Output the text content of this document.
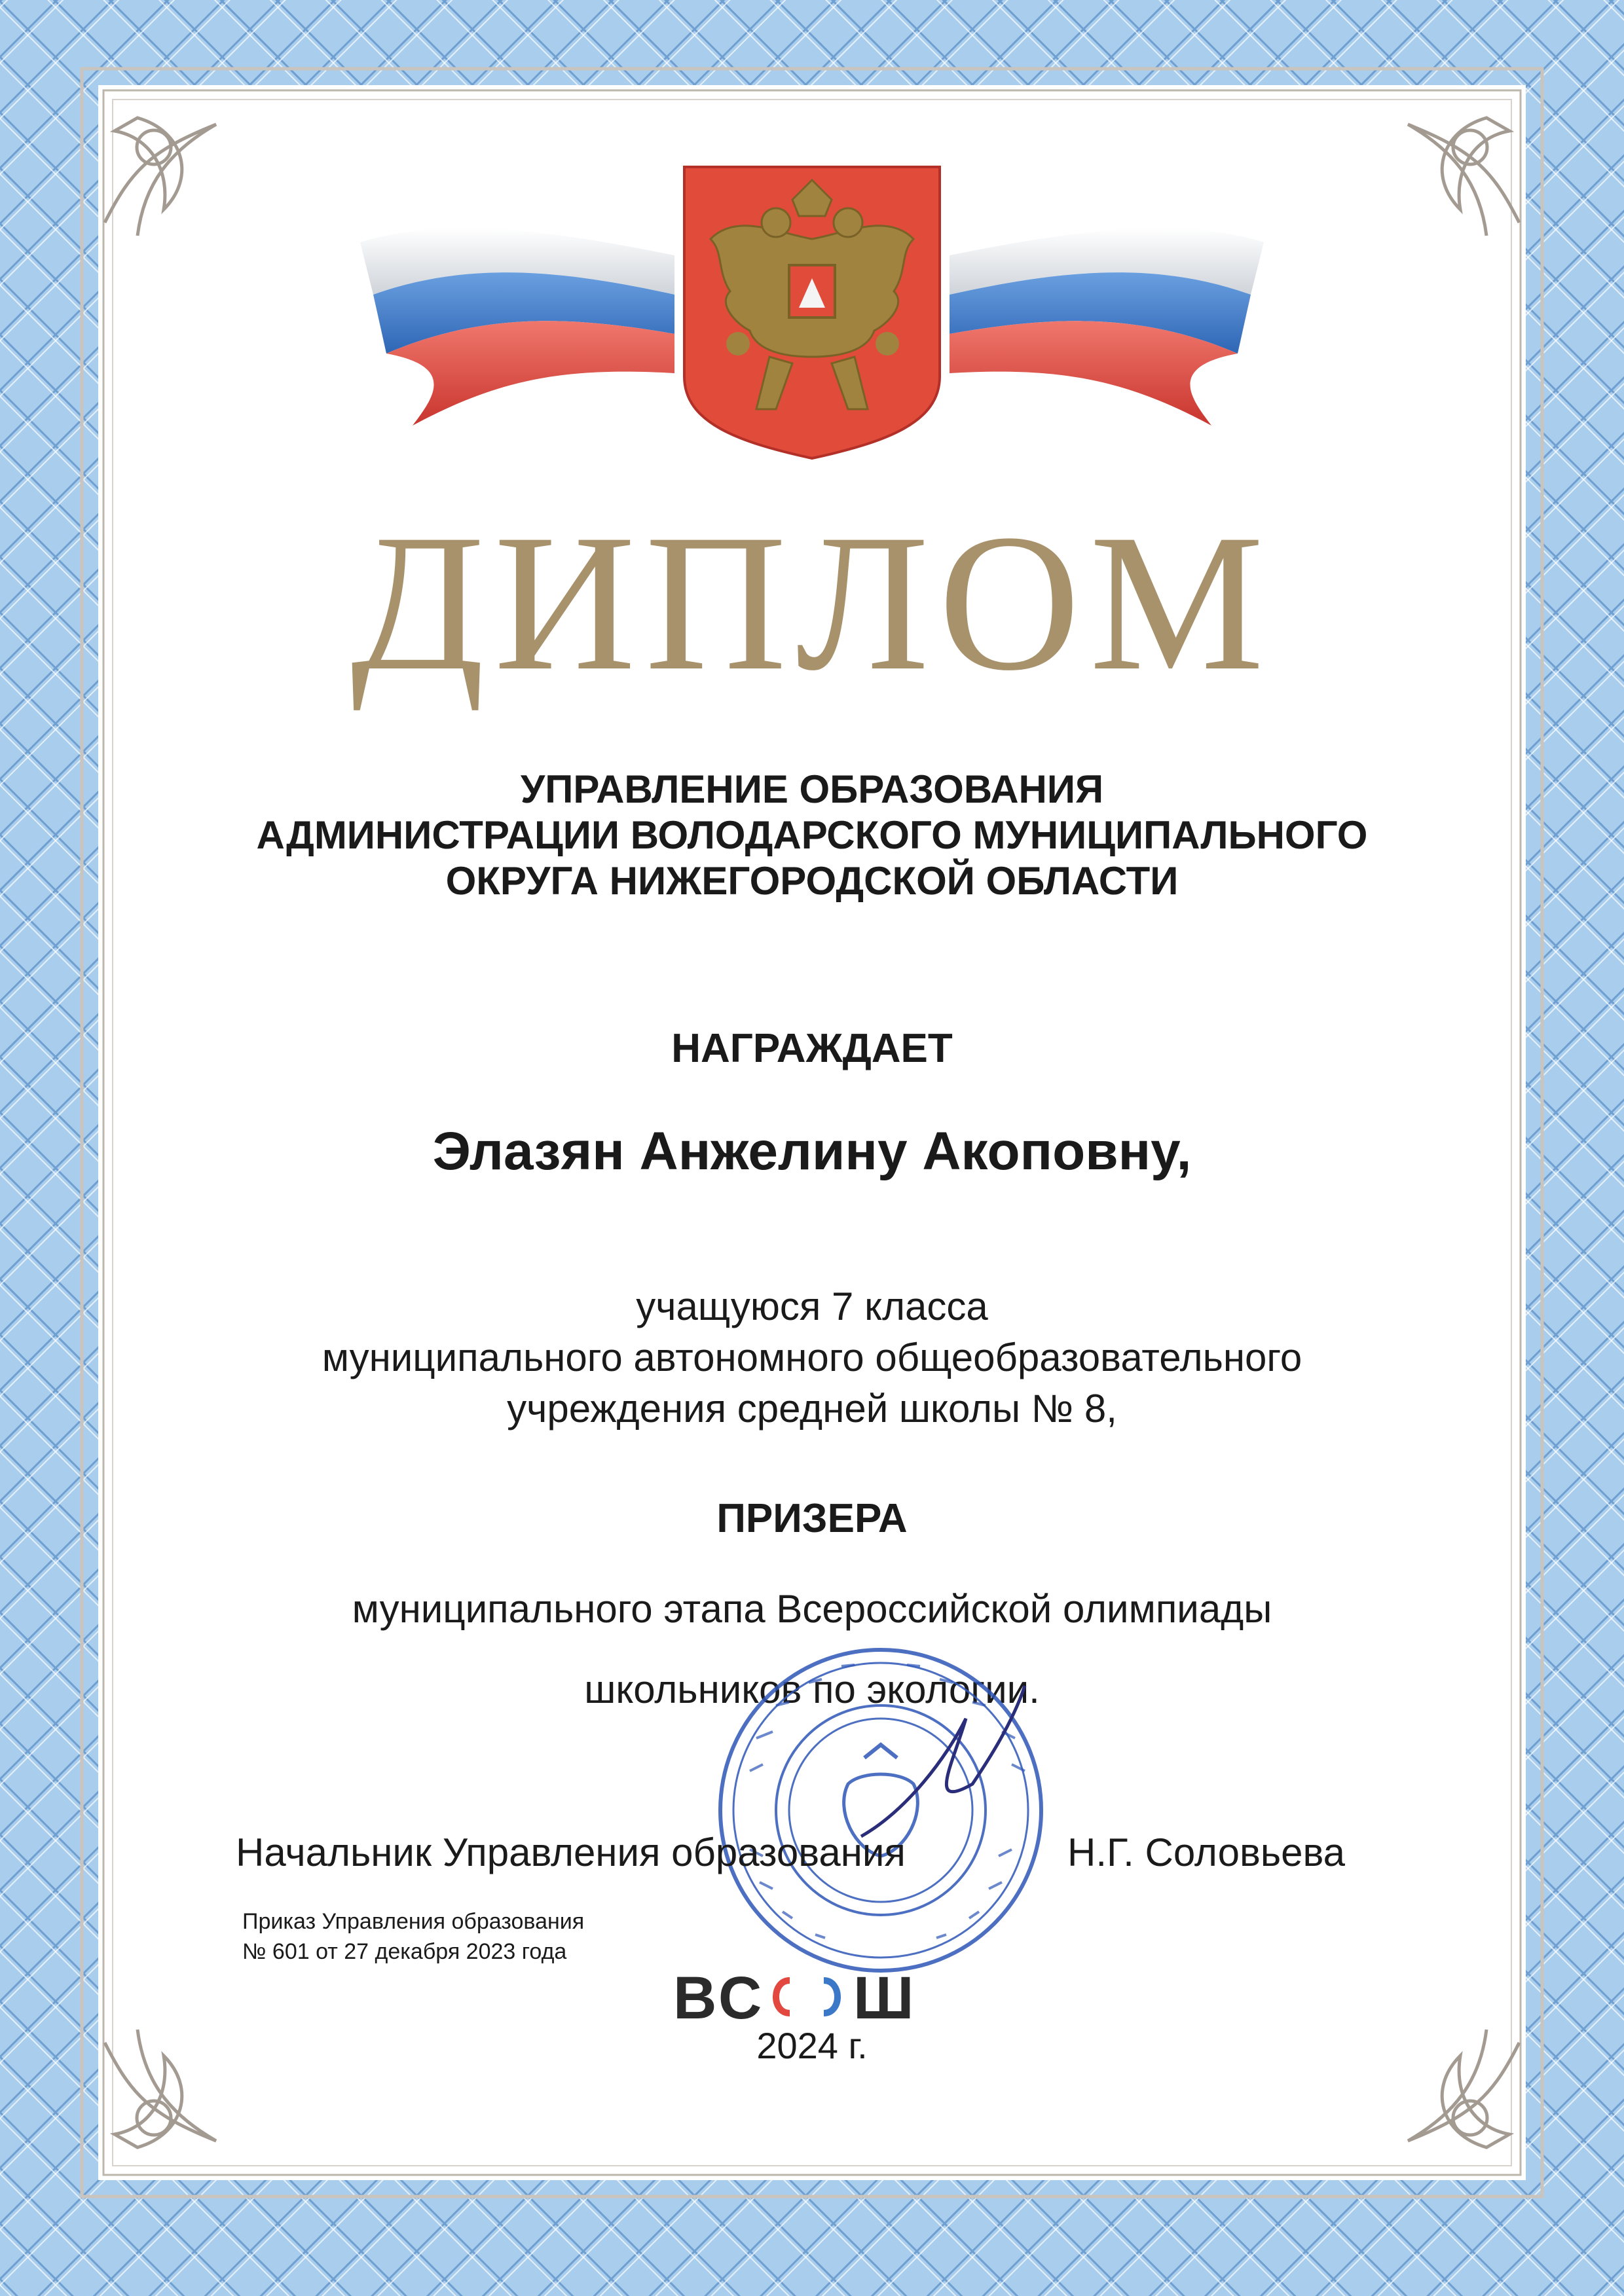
ДИПЛОМ
УПРАВЛЕНИЕ ОБРАЗОВАНИЯ
АДМИНИСТРАЦИИ ВОЛОДАРСКОГО МУНИЦИПАЛЬНОГО
ОКРУГА НИЖЕГОРОДСКОЙ ОБЛАСТИ
НАГРАЖДАЕТ
Элазян Анжелину Акоповну,
учащуюся 7 класса
муниципального автономного общеобразовательного
учреждения средней школы № 8,
ПРИЗЕРА
муниципального этапа Всероссийской олимпиады
школьников по экологии.
Начальник Управления образования	Н.Г. Соловьева
Приказ Управления образования
№ 601 от 27 декабря 2023 года
ВС Ш
2024 г.
